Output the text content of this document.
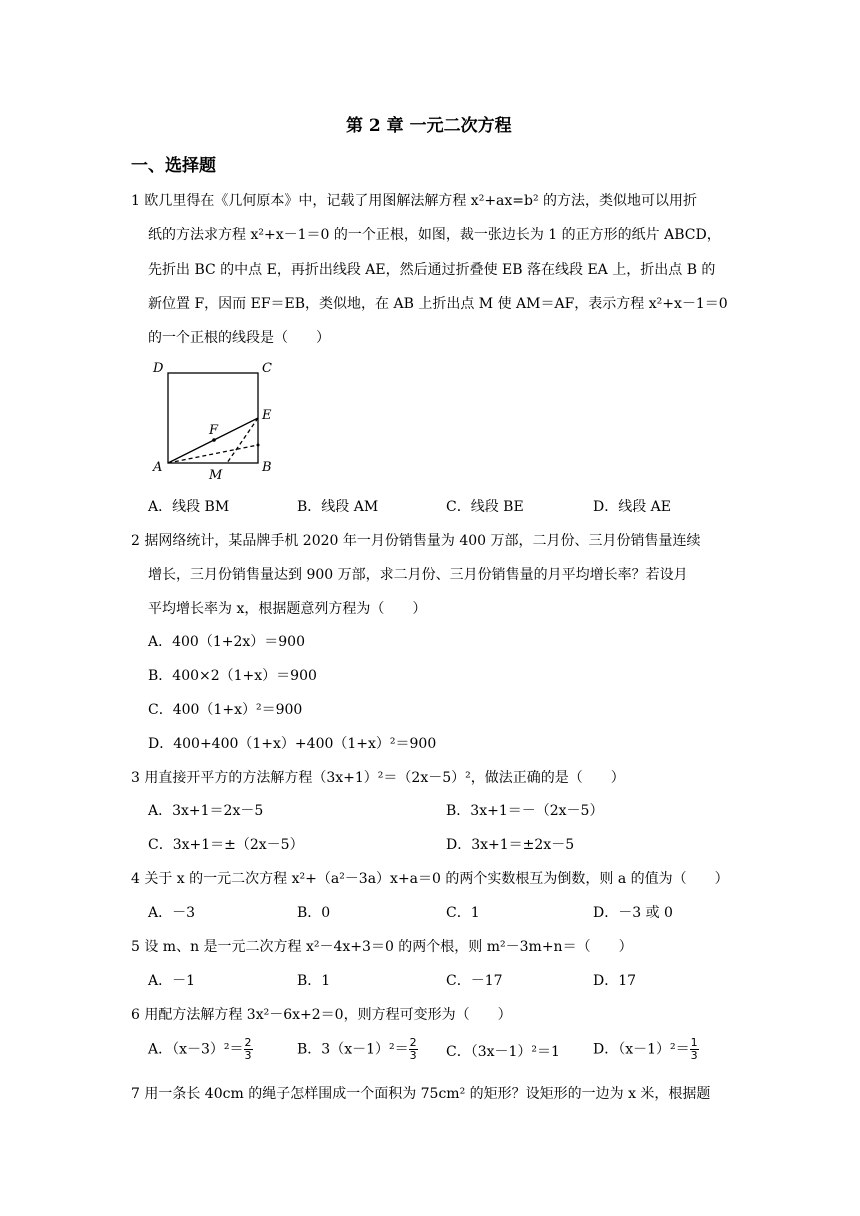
第 2 章 一元二次方程
一、选择题
1 欧几里得在《几何原本》中，记载了用图解法解方程 x²+ax=b² 的方法，类似地可以用折
纸的方法求方程 x²+x－1＝0 的一个正根，如图，裁一张边长为 1 的正方形的纸片 ABCD，
先折出 BC 的中点 E，再折出线段 AE，然后通过折叠使 EB 落在线段 EA 上，折出点 B 的
新位置 F，因而 EF＝EB，类似地，在 AB 上折出点 M 使 AM＝AF，表示方程 x²+x－1＝0
的一个正根的线段是（　　）
D	C
E
F
A
M
B
A．线段 BM	B．线段 AM	C．线段 BE	D．线段 AE
2 据网络统计，某品牌手机 2020 年一月份销售量为 400 万部，二月份、三月份销售量连续
增长，三月份销售量达到 900 万部，求二月份、三月份销售量的月平均增长率？若设月
平均增长率为 x，根据题意列方程为（　　）
A．400（1+2x）＝900
B．400×2（1+x）＝900
C．400（1+x）²＝900
D．400+400（1+x）+400（1+x）²＝900
3 用直接开平方的方法解方程（3x+1）²＝（2x－5）²，做法正确的是（　　）
A．3x+1＝2x－5	B．3x+1＝－（2x－5）
C．3x+1＝±（2x－5）	D．3x+1＝±2x－5
4 关于 x 的一元二次方程 x²+（a²－3a）x+a＝0 的两个实数根互为倒数，则 a 的值为（　　）
A．－3	B．0	C．1	D．－3 或 0
5 设 m、n 是一元二次方程 x²－4x+3＝0 的两个根，则 m²－3m+n＝（　　）
A．－1	B．1	C．－17	D．17
6 用配方法解方程 3x²－6x+2＝0，则方程可变形为（　　）
A．$(x-3)^2= \frac{2}{3}$	B．$3(x-1)^2= \frac{2}{3}$ C．（3x－1）²＝1 D．$(x-1)^2= \frac{1}{3}$
7 用一条长 40cm 的绳子怎样围成一个面积为 75cm² 的矩形？设矩形的一边为 x 米，根据题
